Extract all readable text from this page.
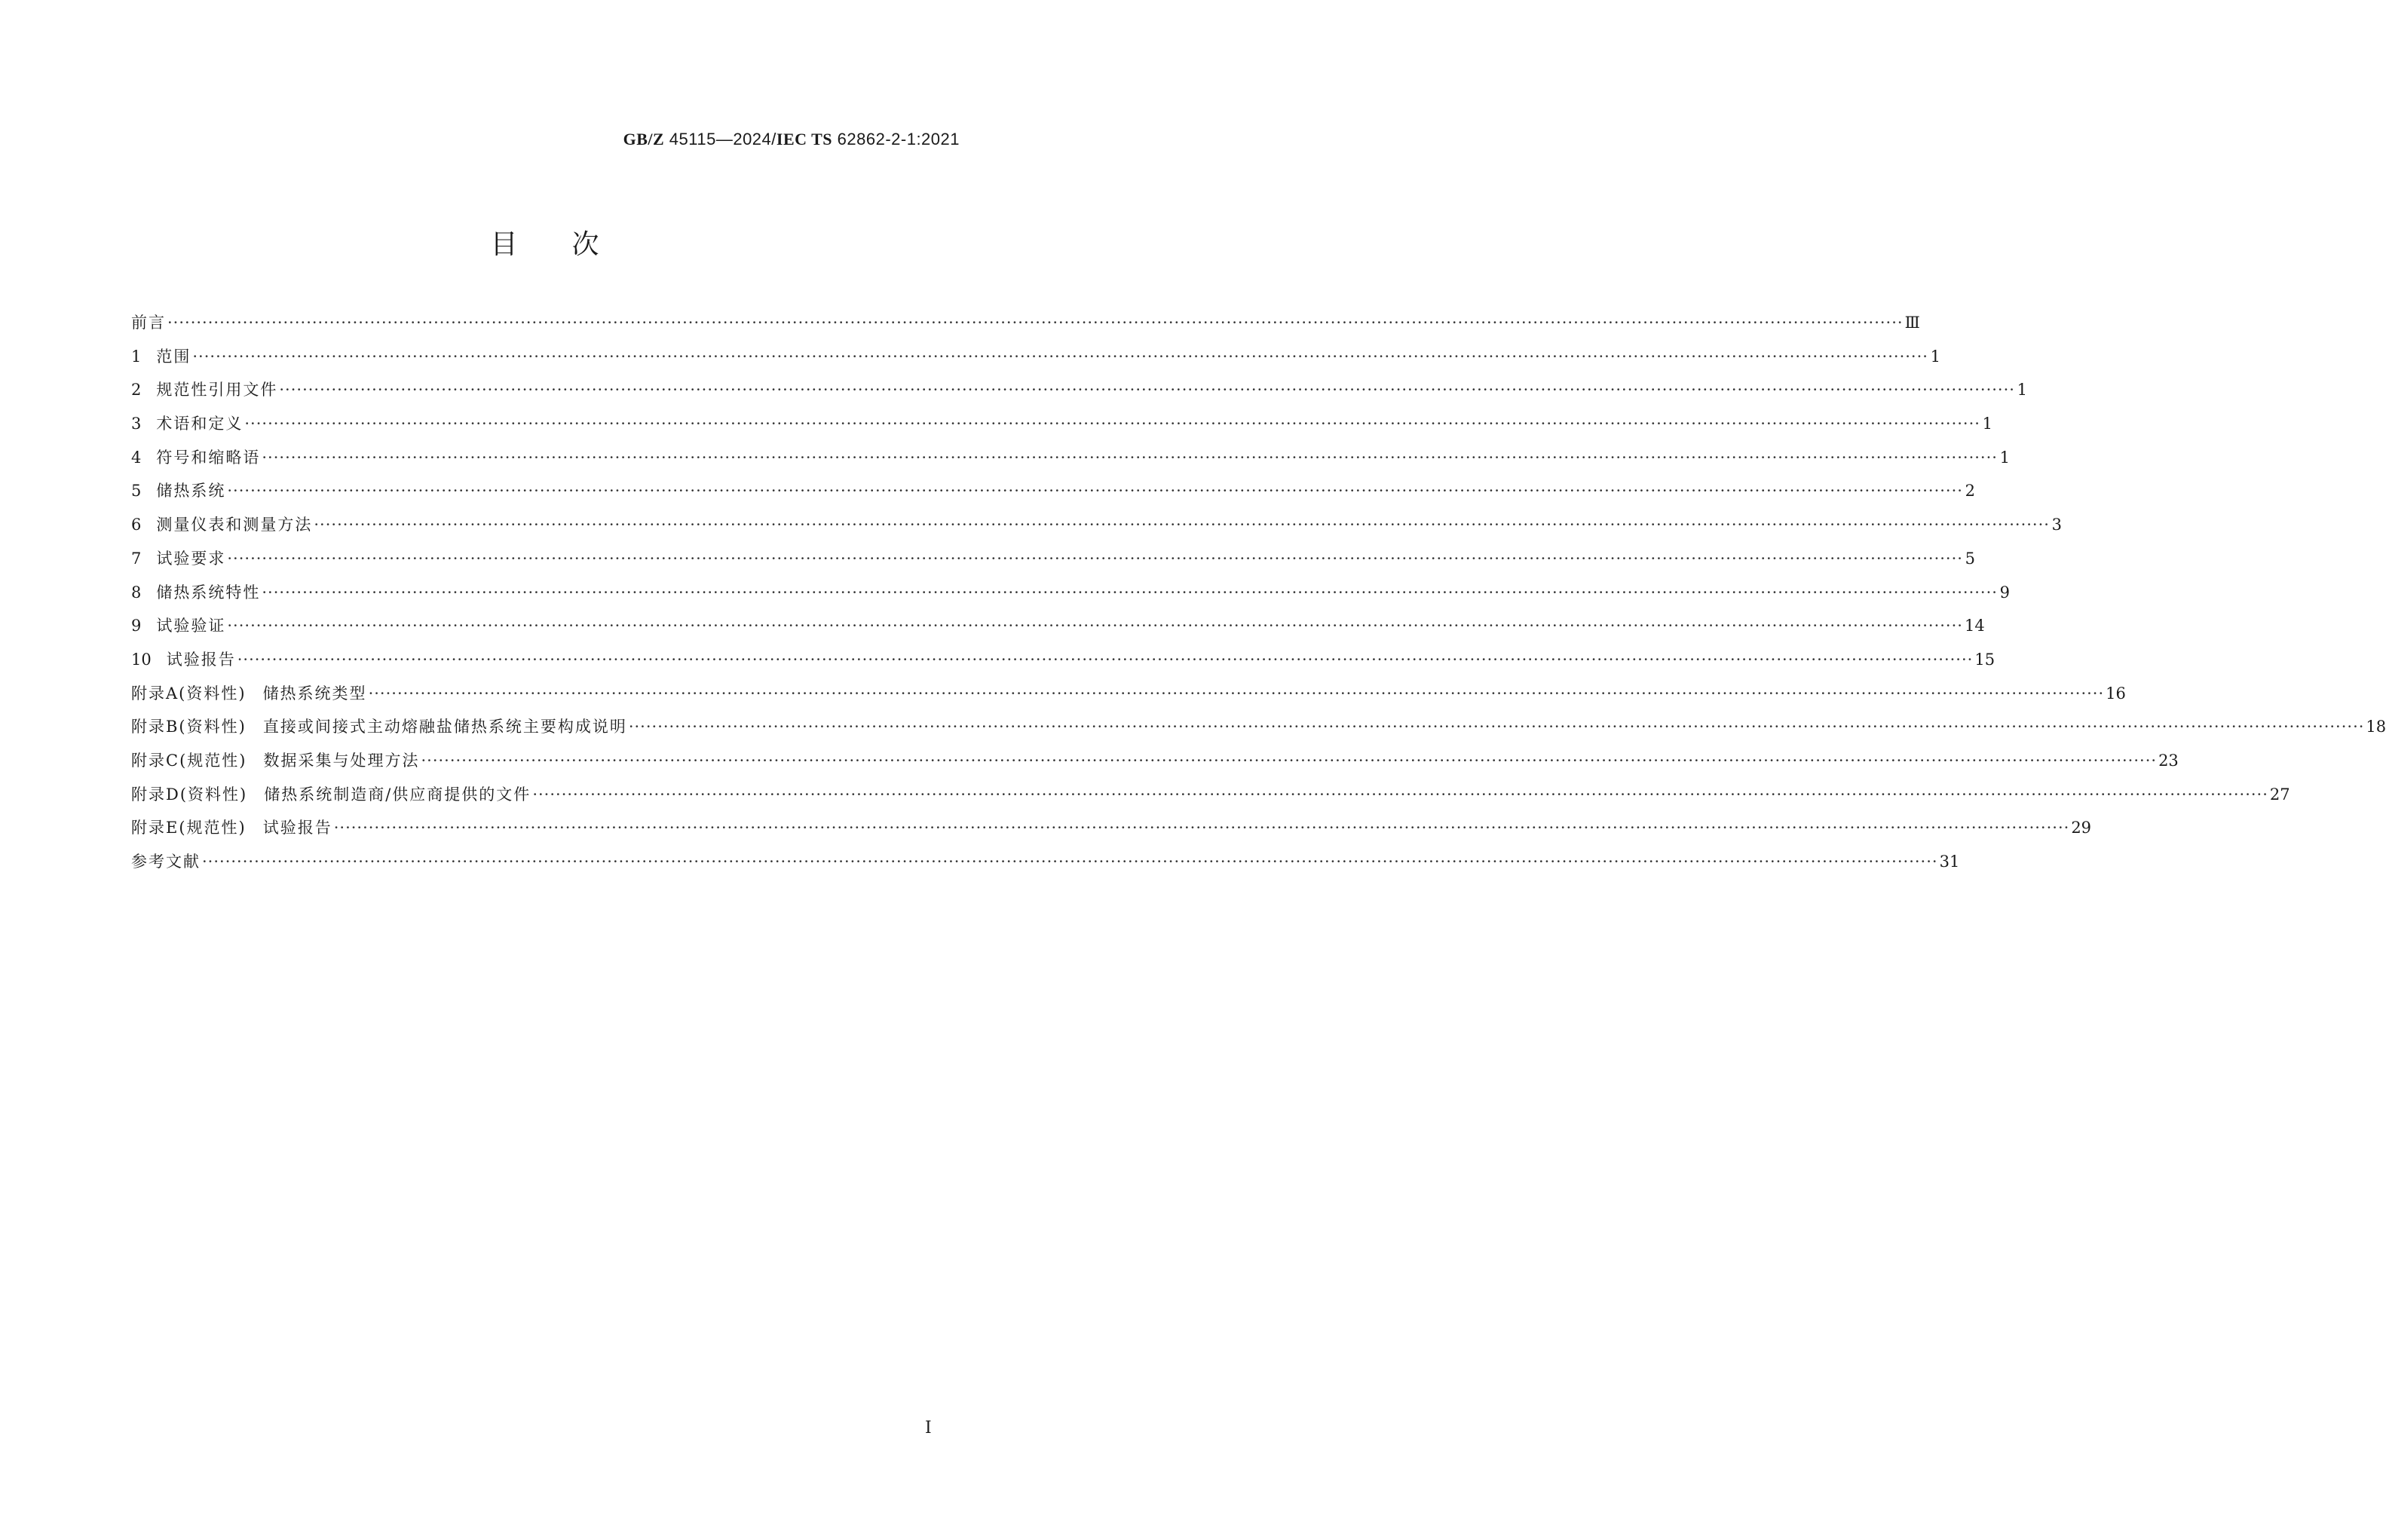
GB/Z 45115—2024/IEC TS 62862-2-1:2021
目次
前言 ············································································································································································································································································································ Ⅲ
1 范围 ············································································································································································································································································································ 1
2 规范性引用文件 ············································································································································································································································································································ 1
3 术语和定义 ············································································································································································································································································································ 1
4 符号和缩略语 ············································································································································································································································································································ 1
5 储热系统 ············································································································································································································································································································ 2
6 测量仪表和测量方法 ············································································································································································································································································································ 3
7 试验要求 ············································································································································································································································································································ 5
8 储热系统特性 ············································································································································································································································································································ 9
9 试验验证 ············································································································································································································································································································ 14
10 试验报告 ············································································································································································································································································································ 15
附录A(资料性) 储热系统类型 ············································································································································································································································································································ 16
附录B(资料性) 直接或间接式主动熔融盐储热系统主要构成说明 ············································································································································································································································································································ 18
附录C(规范性) 数据采集与处理方法 ············································································································································································································································································································ 23
附录D(资料性) 储热系统制造商/供应商提供的文件 ············································································································································································································································································································ 27
附录E(规范性) 试验报告 ············································································································································································································································································································ 29
参考文献 ············································································································································································································································································································ 31
I
